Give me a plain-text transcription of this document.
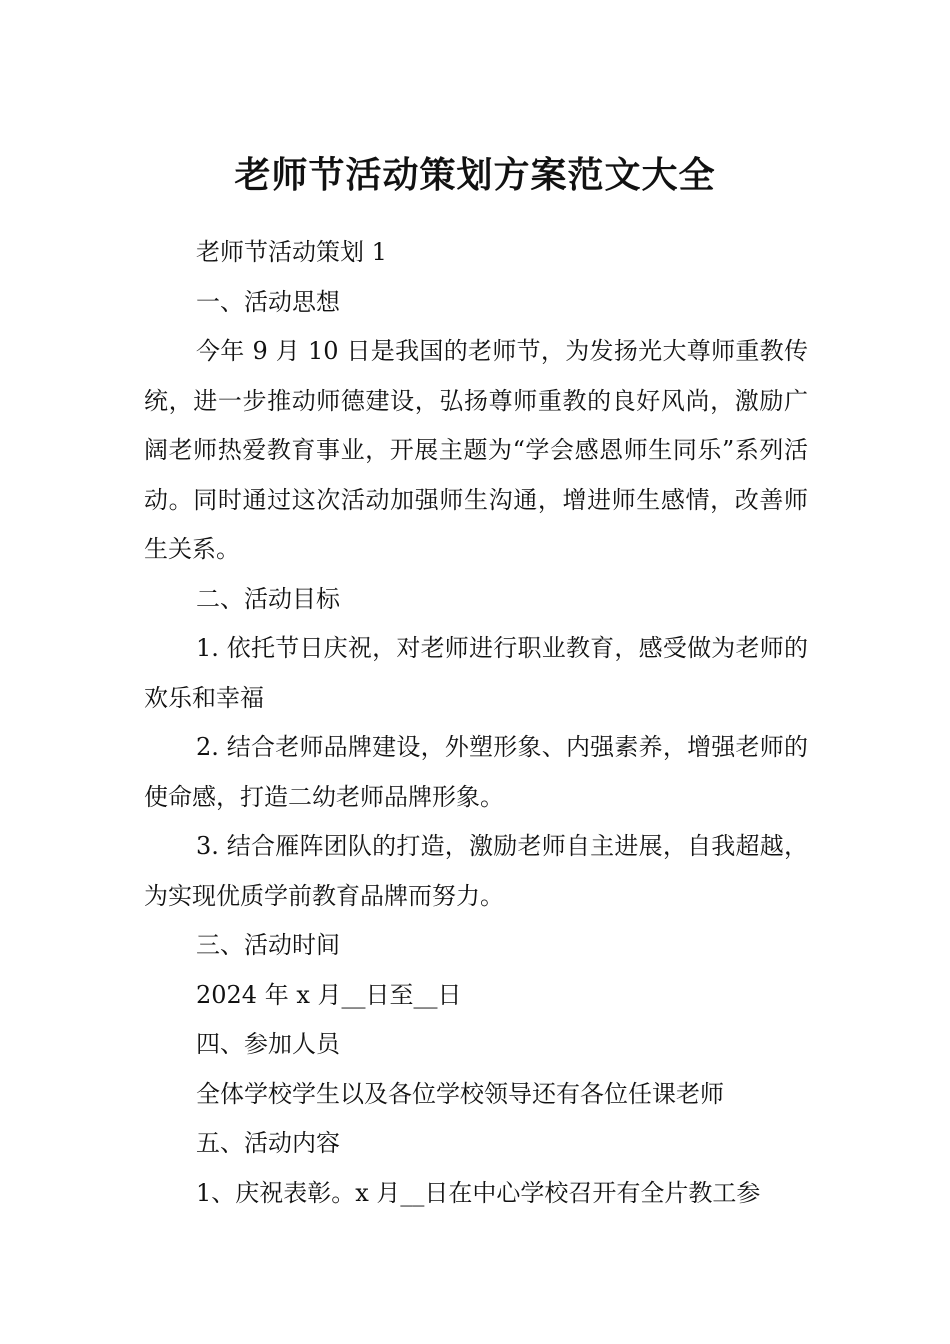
老师节活动策划方案范文大全

老师节活动策划 1

一、活动思想

今年 9 月 10 日是我国的老师节，为发扬光大尊师重教传统，进一步推动师德建设，弘扬尊师重教的良好风尚，激励广阔老师热爱教育事业，开展主题为“学会感恩师生同乐”系列活动。同时通过这次活动加强师生沟通，增进师生感情，改善师生关系。

二、活动目标

1. 依托节日庆祝，对老师进行职业教育，感受做为老师的欢乐和幸福

2. 结合老师品牌建设，外塑形象、内强素养，增强老师的使命感，打造二幼老师品牌形象。

3. 结合雁阵团队的打造，激励老师自主进展，自我超越，为实现优质学前教育品牌而努力。

三、活动时间

2024 年 x 月__日至__日

四、参加人员

全体学校学生以及各位学校领导还有各位任课老师

五、活动内容

1、庆祝表彰。x 月__日在中心学校召开有全片教工参
